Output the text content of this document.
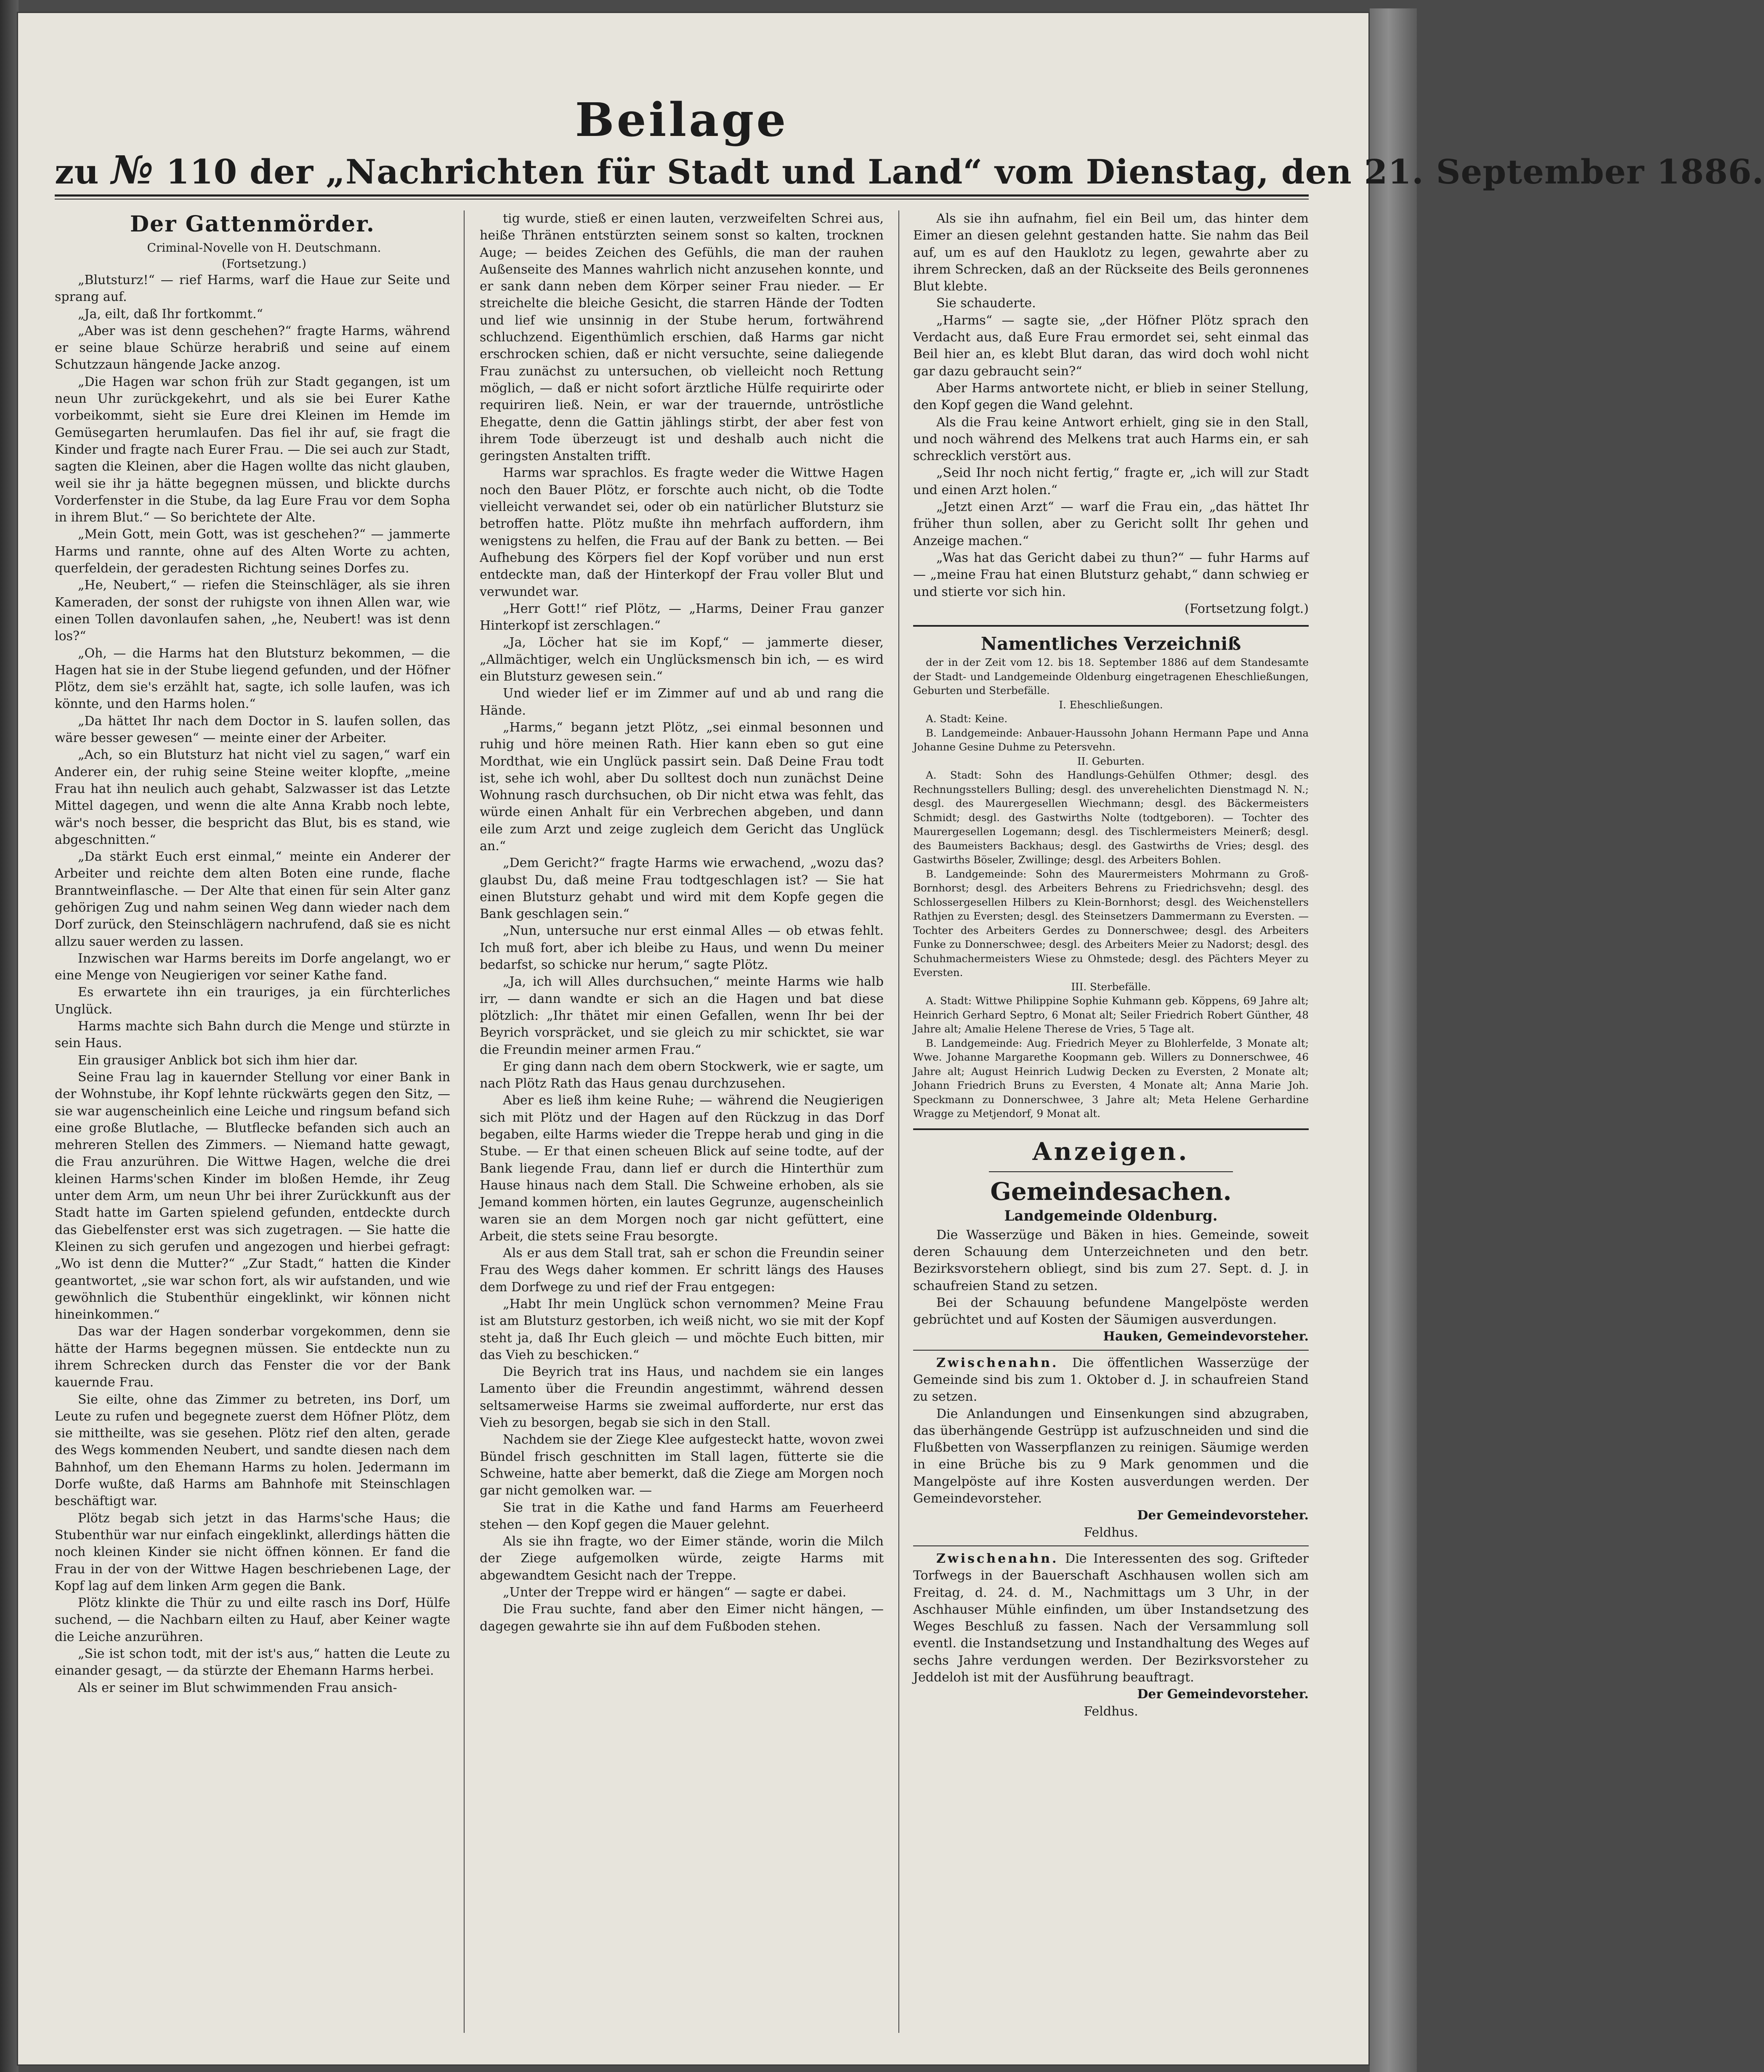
Beilage
zu № 110 der „Nachrichten für Stadt und Land“ vom Dienstag, den 21. September 1886.
Der Gattenmörder.

Criminal-Novelle von H. Deutschmann.

(Fortsetzung.)

„Blutsturz!“ — rief Harms, warf die Haue zur Seite und sprang auf.

„Ja, eilt, daß Ihr fortkommt.“

„Aber was ist denn geschehen?“ fragte Harms, während er seine blaue Schürze herabriß und seine auf einem Schutzzaun hängende Jacke anzog.

„Die Hagen war schon früh zur Stadt gegangen, ist um neun Uhr zurückgekehrt, und als sie bei Eurer Kathe vorbeikommt, sieht sie Eure drei Kleinen im Hemde im Gemüsegarten herumlaufen. Das fiel ihr auf, sie fragt die Kinder und fragte nach Eurer Frau. — Die sei auch zur Stadt, sagten die Kleinen, aber die Hagen wollte das nicht glauben, weil sie ihr ja hätte begegnen müssen, und blickte durchs Vorderfenster in die Stube, da lag Eure Frau vor dem Sopha in ihrem Blut.“ — So berichtete der Alte.

„Mein Gott, mein Gott, was ist geschehen?“ — jammerte Harms und rannte, ohne auf des Alten Worte zu achten, querfeldein, der geradesten Richtung seines Dorfes zu.

„He, Neubert,“ — riefen die Steinschläger, als sie ihren Kameraden, der sonst der ruhigste von ihnen Allen war, wie einen Tollen davonlaufen sahen, „he, Neubert! was ist denn los?“

„Oh, — die Harms hat den Blutsturz bekommen, — die Hagen hat sie in der Stube liegend gefunden, und der Höfner Plötz, dem sie's erzählt hat, sagte, ich solle laufen, was ich könnte, und den Harms holen.“

„Da hättet Ihr nach dem Doctor in S. laufen sollen, das wäre besser gewesen“ — meinte einer der Arbeiter.

„Ach, so ein Blutsturz hat nicht viel zu sagen,“ warf ein Anderer ein, der ruhig seine Steine weiter klopfte, „meine Frau hat ihn neulich auch gehabt, Salzwasser ist das Letzte Mittel dagegen, und wenn die alte Anna Krabb noch lebte, wär's noch besser, die bespricht das Blut, bis es stand, wie abgeschnitten.“

„Da stärkt Euch erst einmal,“ meinte ein Anderer der Arbeiter und reichte dem alten Boten eine runde, flache Branntweinflasche. — Der Alte that einen für sein Alter ganz gehörigen Zug und nahm seinen Weg dann wieder nach dem Dorf zurück, den Steinschlägern nachrufend, daß sie es nicht allzu sauer werden zu lassen.

Inzwischen war Harms bereits im Dorfe angelangt, wo er eine Menge von Neugierigen vor seiner Kathe fand.

Es erwartete ihn ein trauriges, ja ein fürchterliches Unglück.

Harms machte sich Bahn durch die Menge und stürzte in sein Haus.

Ein grausiger Anblick bot sich ihm hier dar.

Seine Frau lag in kauernder Stellung vor einer Bank in der Wohnstube, ihr Kopf lehnte rückwärts gegen den Sitz, — sie war augenscheinlich eine Leiche und ringsum befand sich eine große Blutlache, — Blutflecke befanden sich auch an mehreren Stellen des Zimmers. — Niemand hatte gewagt, die Frau anzurühren. Die Wittwe Hagen, welche die drei kleinen Harms'schen Kinder im bloßen Hemde, ihr Zeug unter dem Arm, um neun Uhr bei ihrer Zurückkunft aus der Stadt hatte im Garten spielend gefunden, entdeckte durch das Giebelfenster erst was sich zugetragen. — Sie hatte die Kleinen zu sich gerufen und angezogen und hierbei gefragt: „Wo ist denn die Mutter?“ „Zur Stadt,“ hatten die Kinder geantwortet, „sie war schon fort, als wir aufstanden, und wie gewöhnlich die Stubenthür eingeklinkt, wir können nicht hineinkommen.“

Das war der Hagen sonderbar vorgekommen, denn sie hätte der Harms begegnen müssen. Sie entdeckte nun zu ihrem Schrecken durch das Fenster die vor der Bank kauernde Frau.

Sie eilte, ohne das Zimmer zu betreten, ins Dorf, um Leute zu rufen und begegnete zuerst dem Höfner Plötz, dem sie mittheilte, was sie gesehen. Plötz rief den alten, gerade des Wegs kommenden Neubert, und sandte diesen nach dem Bahnhof, um den Ehemann Harms zu holen. Jedermann im Dorfe wußte, daß Harms am Bahnhofe mit Steinschlagen beschäftigt war.

Plötz begab sich jetzt in das Harms'sche Haus; die Stubenthür war nur einfach eingeklinkt, allerdings hätten die noch kleinen Kinder sie nicht öffnen können. Er fand die Frau in der von der Wittwe Hagen beschriebenen Lage, der Kopf lag auf dem linken Arm gegen die Bank.

Plötz klinkte die Thür zu und eilte rasch ins Dorf, Hülfe suchend, — die Nachbarn eilten zu Hauf, aber Keiner wagte die Leiche anzurühren.

„Sie ist schon todt, mit der ist's aus,“ hatten die Leute zu einander gesagt, — da stürzte der Ehemann Harms herbei.

Als er seiner im Blut schwimmenden Frau ansich-

tig wurde, stieß er einen lauten, verzweifelten Schrei aus, heiße Thränen entstürzten seinem sonst so kalten, trocknen Auge; — beides Zeichen des Gefühls, die man der rauhen Außenseite des Mannes wahrlich nicht anzusehen konnte, und er sank dann neben dem Körper seiner Frau nieder. — Er streichelte die bleiche Gesicht, die starren Hände der Todten und lief wie unsinnig in der Stube herum, fortwährend schluchzend. Eigenthümlich erschien, daß Harms gar nicht erschrocken schien, daß er nicht versuchte, seine daliegende Frau zunächst zu untersuchen, ob vielleicht noch Rettung möglich, — daß er nicht sofort ärztliche Hülfe requirirte oder requiriren ließ. Nein, er war der trauernde, untröstliche Ehegatte, denn die Gattin jählings stirbt, der aber fest von ihrem Tode überzeugt ist und deshalb auch nicht die geringsten Anstalten trifft.

Harms war sprachlos. Es fragte weder die Wittwe Hagen noch den Bauer Plötz, er forschte auch nicht, ob die Todte vielleicht verwandet sei, oder ob ein natürlicher Blutsturz sie betroffen hatte. Plötz mußte ihn mehrfach auffordern, ihm wenigstens zu helfen, die Frau auf der Bank zu betten. — Bei Aufhebung des Körpers fiel der Kopf vorüber und nun erst entdeckte man, daß der Hinterkopf der Frau voller Blut und verwundet war.

„Herr Gott!“ rief Plötz, — „Harms, Deiner Frau ganzer Hinterkopf ist zerschlagen.“

„Ja, Löcher hat sie im Kopf,“ — jammerte dieser, „Allmächtiger, welch ein Unglücksmensch bin ich, — es wird ein Blutsturz gewesen sein.“

Und wieder lief er im Zimmer auf und ab und rang die Hände.

„Harms,“ begann jetzt Plötz, „sei einmal besonnen und ruhig und höre meinen Rath. Hier kann eben so gut eine Mordthat, wie ein Unglück passirt sein. Daß Deine Frau todt ist, sehe ich wohl, aber Du solltest doch nun zunächst Deine Wohnung rasch durchsuchen, ob Dir nicht etwa was fehlt, das würde einen Anhalt für ein Verbrechen abgeben, und dann eile zum Arzt und zeige zugleich dem Gericht das Unglück an.“

„Dem Gericht?“ fragte Harms wie erwachend, „wozu das? glaubst Du, daß meine Frau todtgeschlagen ist? — Sie hat einen Blutsturz gehabt und wird mit dem Kopfe gegen die Bank geschlagen sein.“

„Nun, untersuche nur erst einmal Alles — ob etwas fehlt. Ich muß fort, aber ich bleibe zu Haus, und wenn Du meiner bedarfst, so schicke nur herum,“ sagte Plötz.

„Ja, ich will Alles durchsuchen,“ meinte Harms wie halb irr, — dann wandte er sich an die Hagen und bat diese plötzlich: „Ihr thätet mir einen Gefallen, wenn Ihr bei der Beyrich vorspräcket, und sie gleich zu mir schicktet, sie war die Freundin meiner armen Frau.“

Er ging dann nach dem obern Stockwerk, wie er sagte, um nach Plötz Rath das Haus genau durchzusehen.

Aber es ließ ihm keine Ruhe; — während die Neugierigen sich mit Plötz und der Hagen auf den Rückzug in das Dorf begaben, eilte Harms wieder die Treppe herab und ging in die Stube. — Er that einen scheuen Blick auf seine todte, auf der Bank liegende Frau, dann lief er durch die Hinterthür zum Hause hinaus nach dem Stall. Die Schweine erhoben, als sie Jemand kommen hörten, ein lautes Gegrunze, augenscheinlich waren sie an dem Morgen noch gar nicht gefüttert, eine Arbeit, die stets seine Frau besorgte.

Als er aus dem Stall trat, sah er schon die Freundin seiner Frau des Wegs daher kommen. Er schritt längs des Hauses dem Dorfwege zu und rief der Frau entgegen:

„Habt Ihr mein Unglück schon vernommen? Meine Frau ist am Blutsturz gestorben, ich weiß nicht, wo sie mit der Kopf steht ja, daß Ihr Euch gleich — und möchte Euch bitten, mir das Vieh zu beschicken.“

Die Beyrich trat ins Haus, und nachdem sie ein langes Lamento über die Freundin angestimmt, während dessen seltsamerweise Harms sie zweimal aufforderte, nur erst das Vieh zu besorgen, begab sie sich in den Stall.

Nachdem sie der Ziege Klee aufgesteckt hatte, wovon zwei Bündel frisch geschnitten im Stall lagen, fütterte sie die Schweine, hatte aber bemerkt, daß die Ziege am Morgen noch gar nicht gemolken war. —

Sie trat in die Kathe und fand Harms am Feuerheerd stehen — den Kopf gegen die Mauer gelehnt.

Als sie ihn fragte, wo der Eimer stände, worin die Milch der Ziege aufgemolken würde, zeigte Harms mit abgewandtem Gesicht nach der Treppe.

„Unter der Treppe wird er hängen“ — sagte er dabei.

Die Frau suchte, fand aber den Eimer nicht hängen, — dagegen gewahrte sie ihn auf dem Fußboden stehen.

Als sie ihn aufnahm, fiel ein Beil um, das hinter dem Eimer an diesen gelehnt gestanden hatte. Sie nahm das Beil auf, um es auf den Hauklotz zu legen, gewahrte aber zu ihrem Schrecken, daß an der Rückseite des Beils geronnenes Blut klebte.

Sie schauderte.

„Harms“ — sagte sie, „der Höfner Plötz sprach den Verdacht aus, daß Eure Frau ermordet sei, seht einmal das Beil hier an, es klebt Blut daran, das wird doch wohl nicht gar dazu gebraucht sein?“

Aber Harms antwortete nicht, er blieb in seiner Stellung, den Kopf gegen die Wand gelehnt.

Als die Frau keine Antwort erhielt, ging sie in den Stall, und noch während des Melkens trat auch Harms ein, er sah schrecklich verstört aus.

„Seid Ihr noch nicht fertig,“ fragte er, „ich will zur Stadt und einen Arzt holen.“

„Jetzt einen Arzt“ — warf die Frau ein, „das hättet Ihr früher thun sollen, aber zu Gericht sollt Ihr gehen und Anzeige machen.“

„Was hat das Gericht dabei zu thun?“ — fuhr Harms auf — „meine Frau hat einen Blutsturz gehabt,“ dann schwieg er und stierte vor sich hin.

(Fortsetzung folgt.)

Namentliches Verzeichniß

der in der Zeit vom 12. bis 18. September 1886 auf dem Standesamte der Stadt- und Landgemeinde Oldenburg eingetragenen Eheschließungen, Geburten und Sterbefälle.

I. Eheschließungen.

A. Stadt: Keine.

B. Landgemeinde: Anbauer-Haussohn Johann Hermann Pape und Anna Johanne Gesine Duhme zu Petersvehn.

II. Geburten.

A. Stadt: Sohn des Handlungs-Gehülfen Othmer; desgl. des Rechnungsstellers Bulling; desgl. des unverehelichten Dienstmagd N. N.; desgl. des Maurergesellen Wiechmann; desgl. des Bäckermeisters Schmidt; desgl. des Gastwirths Nolte (todtgeboren). — Tochter des Maurergesellen Logemann; desgl. des Tischlermeisters Meinerß; desgl. des Baumeisters Backhaus; desgl. des Gastwirths de Vries; desgl. des Gastwirths Böseler, Zwillinge; desgl. des Arbeiters Bohlen.

B. Landgemeinde: Sohn des Maurermeisters Mohrmann zu Groß-Bornhorst; desgl. des Arbeiters Behrens zu Friedrichsvehn; desgl. des Schlossergesellen Hilbers zu Klein-Bornhorst; desgl. des Weichenstellers Rathjen zu Eversten; desgl. des Steinsetzers Dammermann zu Eversten. — Tochter des Arbeiters Gerdes zu Donnerschwee; desgl. des Arbeiters Funke zu Donnerschwee; desgl. des Arbeiters Meier zu Nadorst; desgl. des Schuhmachermeisters Wiese zu Ohmstede; desgl. des Pächters Meyer zu Eversten.

III. Sterbefälle.

A. Stadt: Wittwe Philippine Sophie Kuhmann geb. Köppens, 69 Jahre alt; Heinrich Gerhard Septro, 6 Monat alt; Seiler Friedrich Robert Günther, 48 Jahre alt; Amalie Helene Therese de Vries, 5 Tage alt.

B. Landgemeinde: Aug. Friedrich Meyer zu Blohlerfelde, 3 Monate alt; Wwe. Johanne Margarethe Koopmann geb. Willers zu Donnerschwee, 46 Jahre alt; August Heinrich Ludwig Decken zu Eversten, 2 Monate alt; Johann Friedrich Bruns zu Eversten, 4 Monate alt; Anna Marie Joh. Speckmann zu Donnerschwee, 3 Jahre alt; Meta Helene Gerhardine Wragge zu Metjendorf, 9 Monat alt.

Anzeigen.
Gemeindesachen.
Landgemeinde Oldenburg.

Die Wasserzüge und Bäken in hies. Gemeinde, soweit deren Schauung dem Unterzeichneten und den betr. Bezirksvorstehern obliegt, sind bis zum 27. Sept. d. J. in schaufreien Stand zu setzen.

Bei der Schauung befundene Mangelpöste werden gebrüchtet und auf Kosten der Säumigen ausverdungen.

Hauken, Gemeindevorsteher.

Zwischenahn. Die öffentlichen Wasserzüge der Gemeinde sind bis zum 1. Oktober d. J. in schaufreien Stand zu setzen.

Die Anlandungen und Einsenkungen sind abzugraben, das überhängende Gestrüpp ist aufzuschneiden und sind die Flußbetten von Wasserpflanzen zu reinigen. Säumige werden in eine Brüche bis zu 9 Mark genommen und die Mangelpöste auf ihre Kosten ausverdungen werden. Der Gemeindevorsteher.

Der Gemeindevorsteher.

Feldhus.

Zwischenahn. Die Interessenten des sog. Grifteder Torfwegs in der Bauerschaft Aschhausen wollen sich am Freitag, d. 24. d. M., Nachmittags um 3 Uhr, in der Aschhauser Mühle einfinden, um über Instandsetzung des Weges Beschluß zu fassen. Nach der Versammlung soll eventl. die Instandsetzung und Instandhaltung des Weges auf sechs Jahre verdungen werden. Der Bezirksvorsteher zu Jeddeloh ist mit der Ausführung beauftragt.

Der Gemeindevorsteher.

Feldhus.
